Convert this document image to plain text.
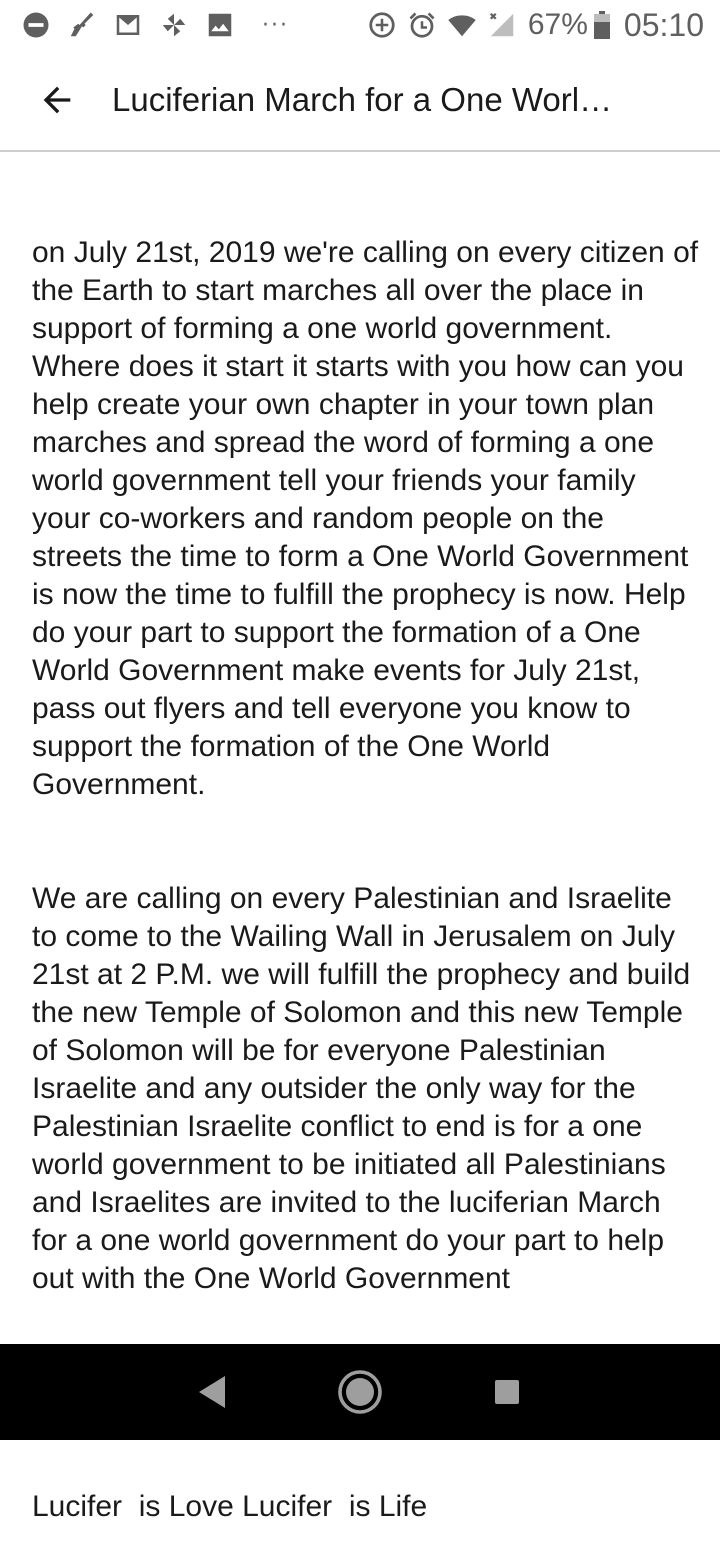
···	67% 05:10
Luciferian March for a One Worl…

on July 21st, 2019 we're calling on every citizen of the Earth to start marches all over the place in support of forming a one world government. Where does it start it starts with you how can you help create your own chapter in your town plan marches and spread the word of forming a one world government tell your friends your family your co-workers and random people on the streets the time to form a One World Government is now the time to fulfill the prophecy is now. Help do your part to support the formation of a One World Government make events for July 21st, pass out flyers and tell everyone you know to support the formation of the One World Government.

We are calling on every Palestinian and Israelite to come to the Wailing Wall in Jerusalem on July 21st at 2 P.M. we will fulfill the prophecy and build the new Temple of Solomon and this new Temple of Solomon will be for everyone Palestinian Israelite and any outsider the only way for the Palestinian Israelite conflict to end is for a one world government to be initiated all Palestinians and Israelites are invited to the luciferian March for a one world government do your part to help out with the One World Government

Lucifer  is Love Lucifer  is Life
